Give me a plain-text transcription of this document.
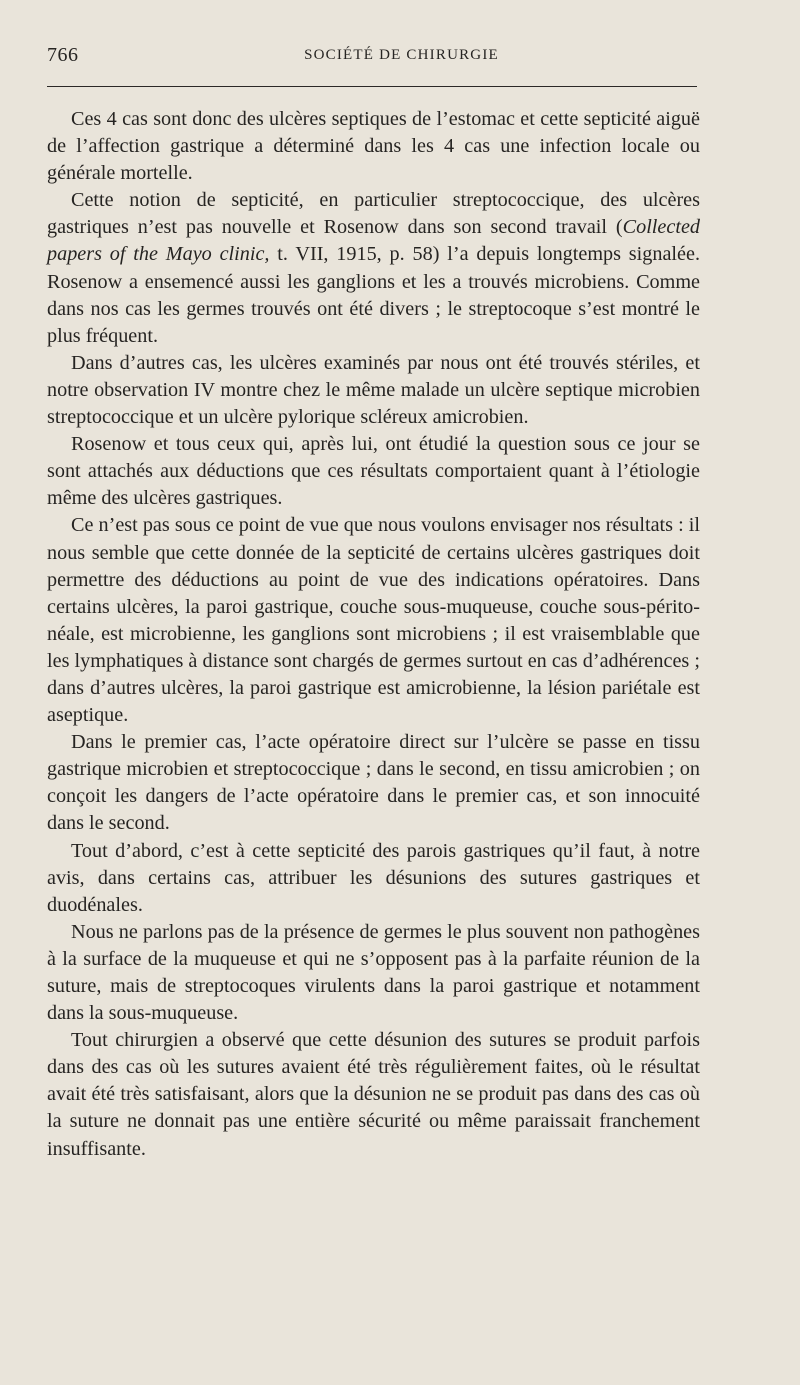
766	SOCIÉTÉ DE CHIRURGIE

Ces 4 cas sont donc des ulcères septiques de l’estomac et cette septicité aiguë de l’affection gastrique a déterminé dans les 4 cas une infection locale ou générale mortelle.

Cette notion de septicité, en particulier streptococcique, des ulcères gastriques n’est pas nouvelle et Rosenow dans son second travail (Collected papers of the Mayo clinic, t. VII, 1915, p. 58) l’a depuis longtemps signalée. Rosenow a ensemencé aussi les ganglions et les a trouvés microbiens. Comme dans nos cas les germes trouvés ont été divers ; le streptocoque s’est montré le plus fréquent.

Dans d’autres cas, les ulcères examinés par nous ont été trouvés stériles, et notre observation IV montre chez le même malade un ulcère septique microbien streptococcique et un ulcère pylorique scléreux amicrobien.

Rosenow et tous ceux qui, après lui, ont étudié la question sous ce jour se sont attachés aux déductions que ces résultats comportaient quant à l’étiologie même des ulcères gastriques.

Ce n’est pas sous ce point de vue que nous voulons envisager nos résultats : il nous semble que cette donnée de la septicité de certains ulcères gastriques doit permettre des déductions au point de vue des indications opératoires. Dans certains ulcères, la paroi gastrique, couche sous-muqueuse, couche sous-péritonéale, est microbienne, les ganglions sont microbiens ; il est vraisemblable que les lymphatiques à distance sont chargés de germes surtout en cas d’adhérences ; dans d’autres ulcères, la paroi gastrique est amicrobienne, la lésion pariétale est aseptique.

Dans le premier cas, l’acte opératoire direct sur l’ulcère se passe en tissu gastrique microbien et streptococcique ; dans le second, en tissu amicrobien ; on conçoit les dangers de l’acte opératoire dans le premier cas, et son innocuité dans le second.

Tout d’abord, c’est à cette septicité des parois gastriques qu’il faut, à notre avis, dans certains cas, attribuer les désunions des sutures gastriques et duodénales.

Nous ne parlons pas de la présence de germes le plus souvent non pathogènes à la surface de la muqueuse et qui ne s’opposent pas à la parfaite réunion de la suture, mais de streptocoques virulents dans la paroi gastrique et notamment dans la sous-muqueuse.

Tout chirurgien a observé que cette désunion des sutures se produit parfois dans des cas où les sutures avaient été très régulièrement faites, où le résultat avait été très satisfaisant, alors que la désunion ne se produit pas dans des cas où la suture ne donnait pas une entière sécurité ou même paraissait franchement insuffisante.
